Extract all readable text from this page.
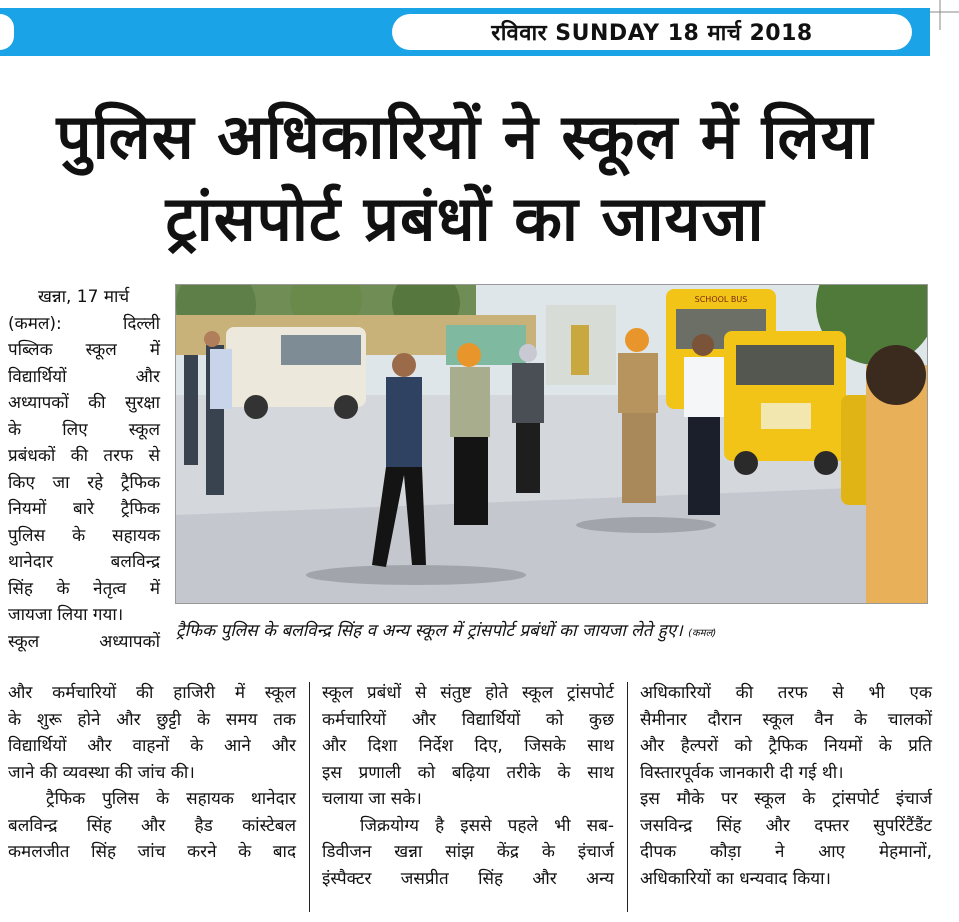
रविवार SUNDAY 18 मार्च 2018
पुलिस अधिकारियों ने स्कूल में लिया
ट्रांसपोर्ट प्रबंधों का जायजा
SCHOOL BUS
ट्रैफिक पुलिस के बलविन्द्र सिंह व अन्य स्कूल में ट्रांसपोर्ट प्रबंधों का जायजा लेते हुए। (कमल)

खन्ना, 17 मार्च

(कमल): दिल्ली

पब्लिक स्कूल में

विद्यार्थियों और

अध्यापकों की सुरक्षा

के लिए स्कूल

प्रबंधकों की तरफ से

किए जा रहे ट्रैफिक

नियमों बारे ट्रैफिक

पुलिस के सहायक

थानेदार बलविन्द्र

सिंह के नेतृत्व में

जायजा लिया गया।

स्कूल अध्यापकों

और कर्मचारियों की हाजिरी में स्कूल

के शुरू होने और छुट्टी के समय तक

विद्यार्थियों और वाहनों के आने और

जाने की व्यवस्था की जांच की।

ट्रैफिक पुलिस के सहायक थानेदार

बलविन्द्र सिंह और हैड कांस्टेबल

कमलजीत सिंह जांच करने के बाद

स्कूल प्रबंधों से संतुष्ट होते स्कूल ट्रांसपोर्ट

कर्मचारियों और विद्यार्थियों को कुछ

और दिशा निर्देश दिए, जिसके साथ

इस प्रणाली को बढ़िया तरीके के साथ

चलाया जा सके।

जिक्रयोग्य है इससे पहले भी सब-

डिवीजन खन्ना सांझ केंद्र के इंचार्ज

इंस्पैक्टर जसप्रीत सिंह और अन्य

अधिकारियों की तरफ से भी एक

सैमीनार दौरान स्कूल वैन के चालकों

और हैल्परों को ट्रैफिक नियमों के प्रति

विस्तारपूर्वक जानकारी दी गई थी।

इस मौके पर स्कूल के ट्रांसपोर्ट इंचार्ज

जसविन्द्र सिंह और दफ्तर सुपरिंटैंडैंट

दीपक कौड़ा ने आए मेहमानों,

अधिकारियों का धन्यवाद किया।
